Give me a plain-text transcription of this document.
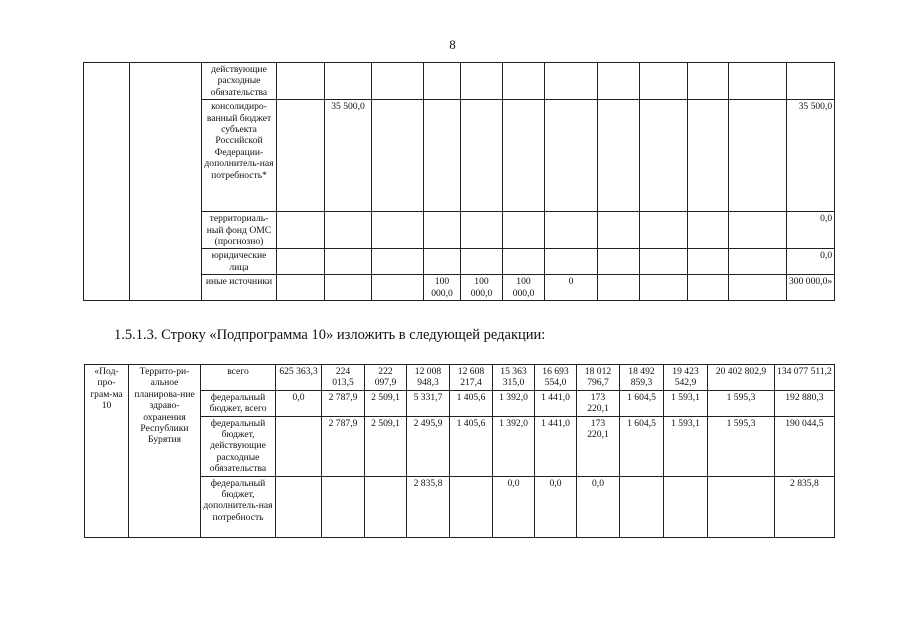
8
		действующие расходные обязательства												
		консолидиро-ванный бюджет субъекта Российской Федерации-дополнитель-ная потребность*		35 500,0										35 500,0
		территориаль-ный фонд ОМС (прогнозно)												0,0
		юридические лица												0,0
		иные источники				100 000,0	100 000,0	100 000,0	0					300 000,0»
1.5.1.3. Строку «Подпрограмма 10» изложить в следующей редакции:
«Под-про-грам-ма 10	Террито-ри-альное планирова-ние здраво-охранения Республики Бурятия	всего	625 363,3	224 013,5	222 097,9	12 008 948,3	12 608 217,4	15 363 315,0	16 693 554,0	18 012 796,7	18 492 859,3	19 423 542,9	20 402 802,9	134 077 511,2
		федеральный бюджет, всего	0,0	2 787,9	2 509,1	5 331,7	1 405,6	1 392,0	1 441,0	173 220,1	1 604,5	1 593,1	1 595,3	192 880,3
		федеральный бюджет, действующие расходные обязательства		2 787,9	2 509,1	2 495,9	1 405,6	1 392,0	1 441,0	173 220,1	1 604,5	1 593,1	1 595,3	190 044,5
		федеральный бюджет, дополнитель-ная потребность				2 835,8		0,0	0,0	0,0				2 835,8
